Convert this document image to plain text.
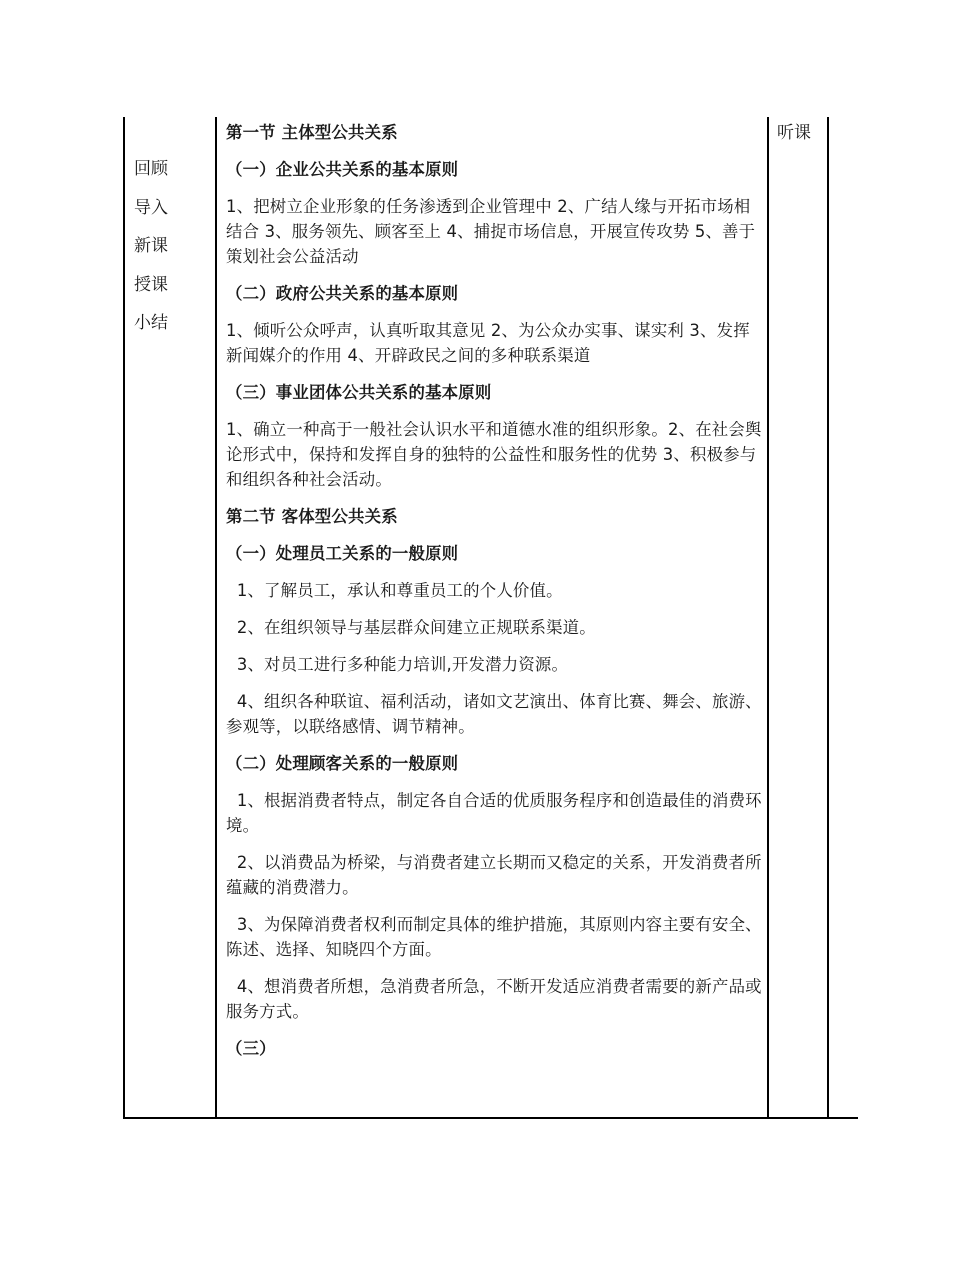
回顾
导入
新课
授课
小结

第一节 主体型公共关系

（一）企业公共关系的基本原则

1、把树立企业形象的任务渗透到企业管理中 2、广结人缘与开拓市场相结合 3、服务领先、顾客至上 4、捕捉市场信息，开展宣传攻势 5、善于策划社会公益活动

（二）政府公共关系的基本原则

1、倾听公众呼声，认真听取其意见 2、为公众办实事、谋实利 3、发挥新闻媒介的作用 4、开辟政民之间的多种联系渠道

（三）事业团体公共关系的基本原则

1、确立一种高于一般社会认识水平和道德水准的组织形象。2、在社会舆论形式中，保持和发挥自身的独特的公益性和服务性的优势 3、积极参与和组织各种社会活动。

第二节 客体型公共关系

（一）处理员工关系的一般原则

1、了解员工，承认和尊重员工的个人价值。

2、在组织领导与基层群众间建立正规联系渠道。

3、对员工进行多种能力培训,开发潜力资源。

4、组织各种联谊、福利活动，诸如文艺演出、体育比赛、舞会、旅游、参观等，以联络感情、调节精神。

（二）处理顾客关系的一般原则

1、根据消费者特点，制定各自合适的优质服务程序和创造最佳的消费环境。

2、以消费品为桥梁，与消费者建立长期而又稳定的关系，开发消费者所蕴藏的消费潜力。

3、为保障消费者权利而制定具体的维护措施，其原则内容主要有安全、陈述、选择、知晓四个方面。

4、想消费者所想，急消费者所急，不断开发适应消费者需要的新产品或服务方式。

（三）

听课
